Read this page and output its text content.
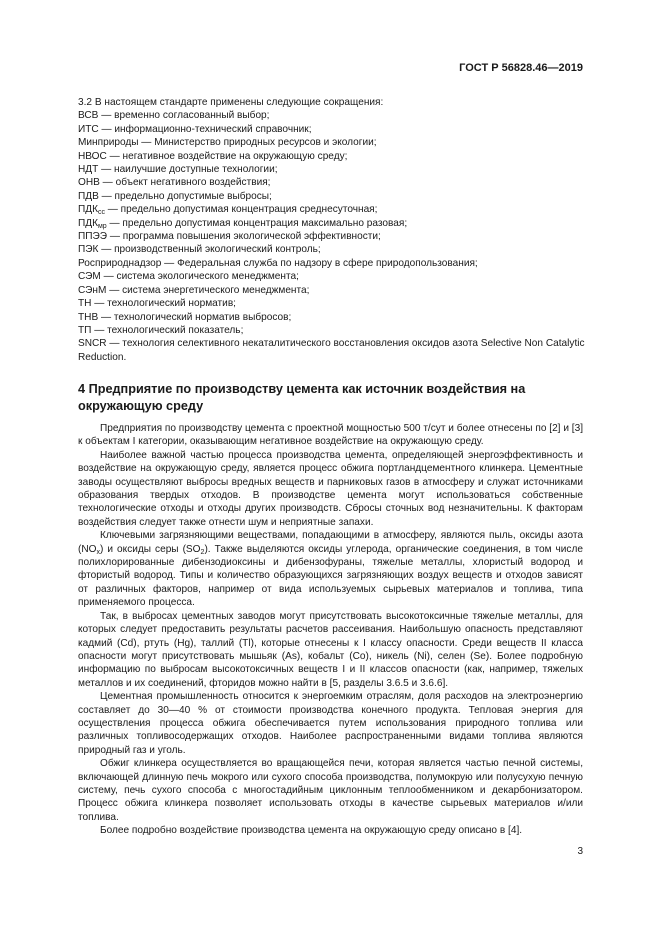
ГОСТ Р 56828.46—2019
3.2 В настоящем стандарте применены следующие сокращения:
ВСВ — временно согласованный выбор;
ИТС — информационно-технический справочник;
Минприроды — Министерство природных ресурсов и экологии;
НВОС — негативное воздействие на окружающую среду;
НДТ — наилучшие доступные технологии;
ОНВ — объект негативного воздействия;
ПДВ — предельно допустимые выбросы;
$ПДК_{сс}$ — предельно допустимая концентрация среднесуточная;
$ПДК_{мр}$ — предельно допустимая концентрация максимально разовая;
ППЭЭ — программа повышения экологической эффективности;
ПЭК — производственный экологический контроль;
Росприроднадзор — Федеральная служба по надзору в сфере природопользования;
СЭМ — система экологического менеджмента;
СЭнМ — система энергетического менеджмента;
ТН — технологический норматив;
ТНВ — технологический норматив выбросов;
ТП — технологический показатель;
SNCR — технология селективного некаталитического восстановления оксидов азота Selective Non Catalytic Reduction.
4 Предприятие по производству цемента как источник воздействия на окружающую среду

Предприятия по производству цемента с проектной мощностью 500 т/сут и более отнесены по [2] и [3] к объектам I категории, оказывающим негативное воздействие на окружающую среду.

Наиболее важной частью процесса производства цемента, определяющей энергоэффективность и воздействие на окружающую среду, является процесс обжига портландцементного клинкера. Цементные заводы осуществляют выбросы вредных веществ и парниковых газов в атмосферу и служат источниками образования твердых отходов. В производстве цемента могут использоваться собственные технологические отходы и отходы других производств. Сбросы сточных вод незначительны. К факторам воздействия следует также отнести шум и неприятные запахи.

Ключевыми загрязняющими веществами, попадающими в атмосферу, являются пыль, оксиды азота $(NO_x)$ и оксиды серы $(SO_2)$. Также выделяются оксиды углерода, органические соединения, в том числе полихлорированные дибензодиоксины и дибензофураны, тяжелые металлы, хлористый водород и фтористый водород. Типы и количество образующихся загрязняющих воздух веществ и отходов зависят от различных факторов, например от вида используемых сырьевых материалов и топлива, типа применяемого процесса.

Так, в выбросах цементных заводов могут присутствовать высокотоксичные тяжелые металлы, для которых следует предоставить результаты расчетов рассеивания. Наибольшую опасность представляют кадмий (Cd), ртуть (Hg), таллий (Tl), которые отнесены к I классу опасности. Среди веществ II класса опасности могут присутствовать мышьяк (As), кобальт (Co), никель (Ni), селен (Se). Более подробную информацию по выбросам высокотоксичных веществ I и II классов опасности (как, например, тяжелых металлов и их соединений, фторидов можно найти в [5, разделы 3.6.5 и 3.6.6].

Цементная промышленность относится к энергоемким отраслям, доля расходов на электроэнергию составляет до 30—40 % от стоимости производства конечного продукта. Тепловая энергия для осуществления процесса обжига обеспечивается путем использования природного топлива или различных топливосодержащих отходов. Наиболее распространенными видами топлива являются природный газ и уголь.

Обжиг клинкера осуществляется во вращающейся печи, которая является частью печной системы, включающей длинную печь мокрого или сухого способа производства, полумокрую или полусухую печную систему, печь сухого способа с многостадийным циклонным теплообменником и декарбонизатором. Процесс обжига клинкера позволяет использовать отходы в качестве сырьевых материалов и/или топлива.

Более подробно воздействие производства цемента на окружающую среду описано в [4].

3
